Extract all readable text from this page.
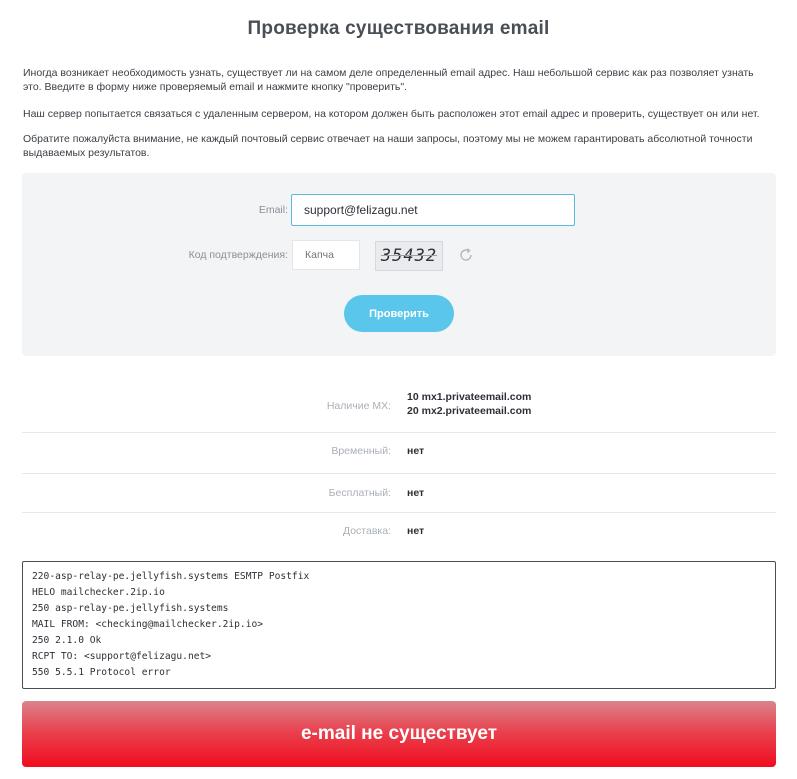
Проверка существования email
Иногда возникает необходимость узнать, существует ли на самом деле определенный email адрес. Наш небольшой сервис как раз позволяет узнать это. Введите в форму ниже проверяемый email и нажмите кнопку "проверить".
Наш сервер попытается связаться с удаленным сервером, на котором должен быть расположен этот email адрес и проверить, существует он или нет.
Обратите пожалуйста внимание, не каждый почтовый сервис отвечает на наши запросы, поэтому мы не можем гарантировать абсолютной точности выдаваемых результатов.
Email:
support@felizagu.net
Код подтверждения:
Капча	35432
Проверить
Наличие MX:
10 mx1.privateemail.com
20 mx2.privateemail.com
Временный: нет
Бесплатный: нет
Доставка: нет
220-asp-relay-pe.jellyfish.systems ESMTP Postfix
HELO mailchecker.2ip.io
250 asp-relay-pe.jellyfish.systems
MAIL FROM: <checking@mailchecker.2ip.io>
250 2.1.0 Ok
RCPT TO: <support@felizagu.net>
550 5.5.1 Protocol error
e-mail не существует
